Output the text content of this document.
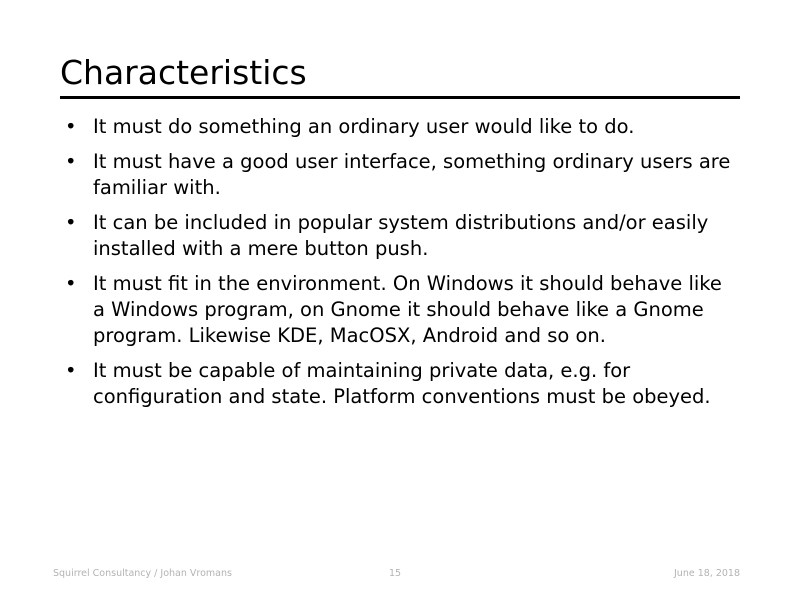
Characteristics
• It must do something an ordinary user would like to do.
• It must have a good user interface, something ordinary users are familiar with.
• It can be included in popular system distributions and/or easily installed with a mere button push.
• It must fit in the environment. On Windows it should behave like a Windows program, on Gnome it should behave like a Gnome program. Likewise KDE, MacOSX, Android and so on.
• It must be capable of maintaining private data, e.g. for configuration and state. Platform conventions must be obeyed.
Squirrel Consultancy / Johan Vromans	15	June 18, 2018
